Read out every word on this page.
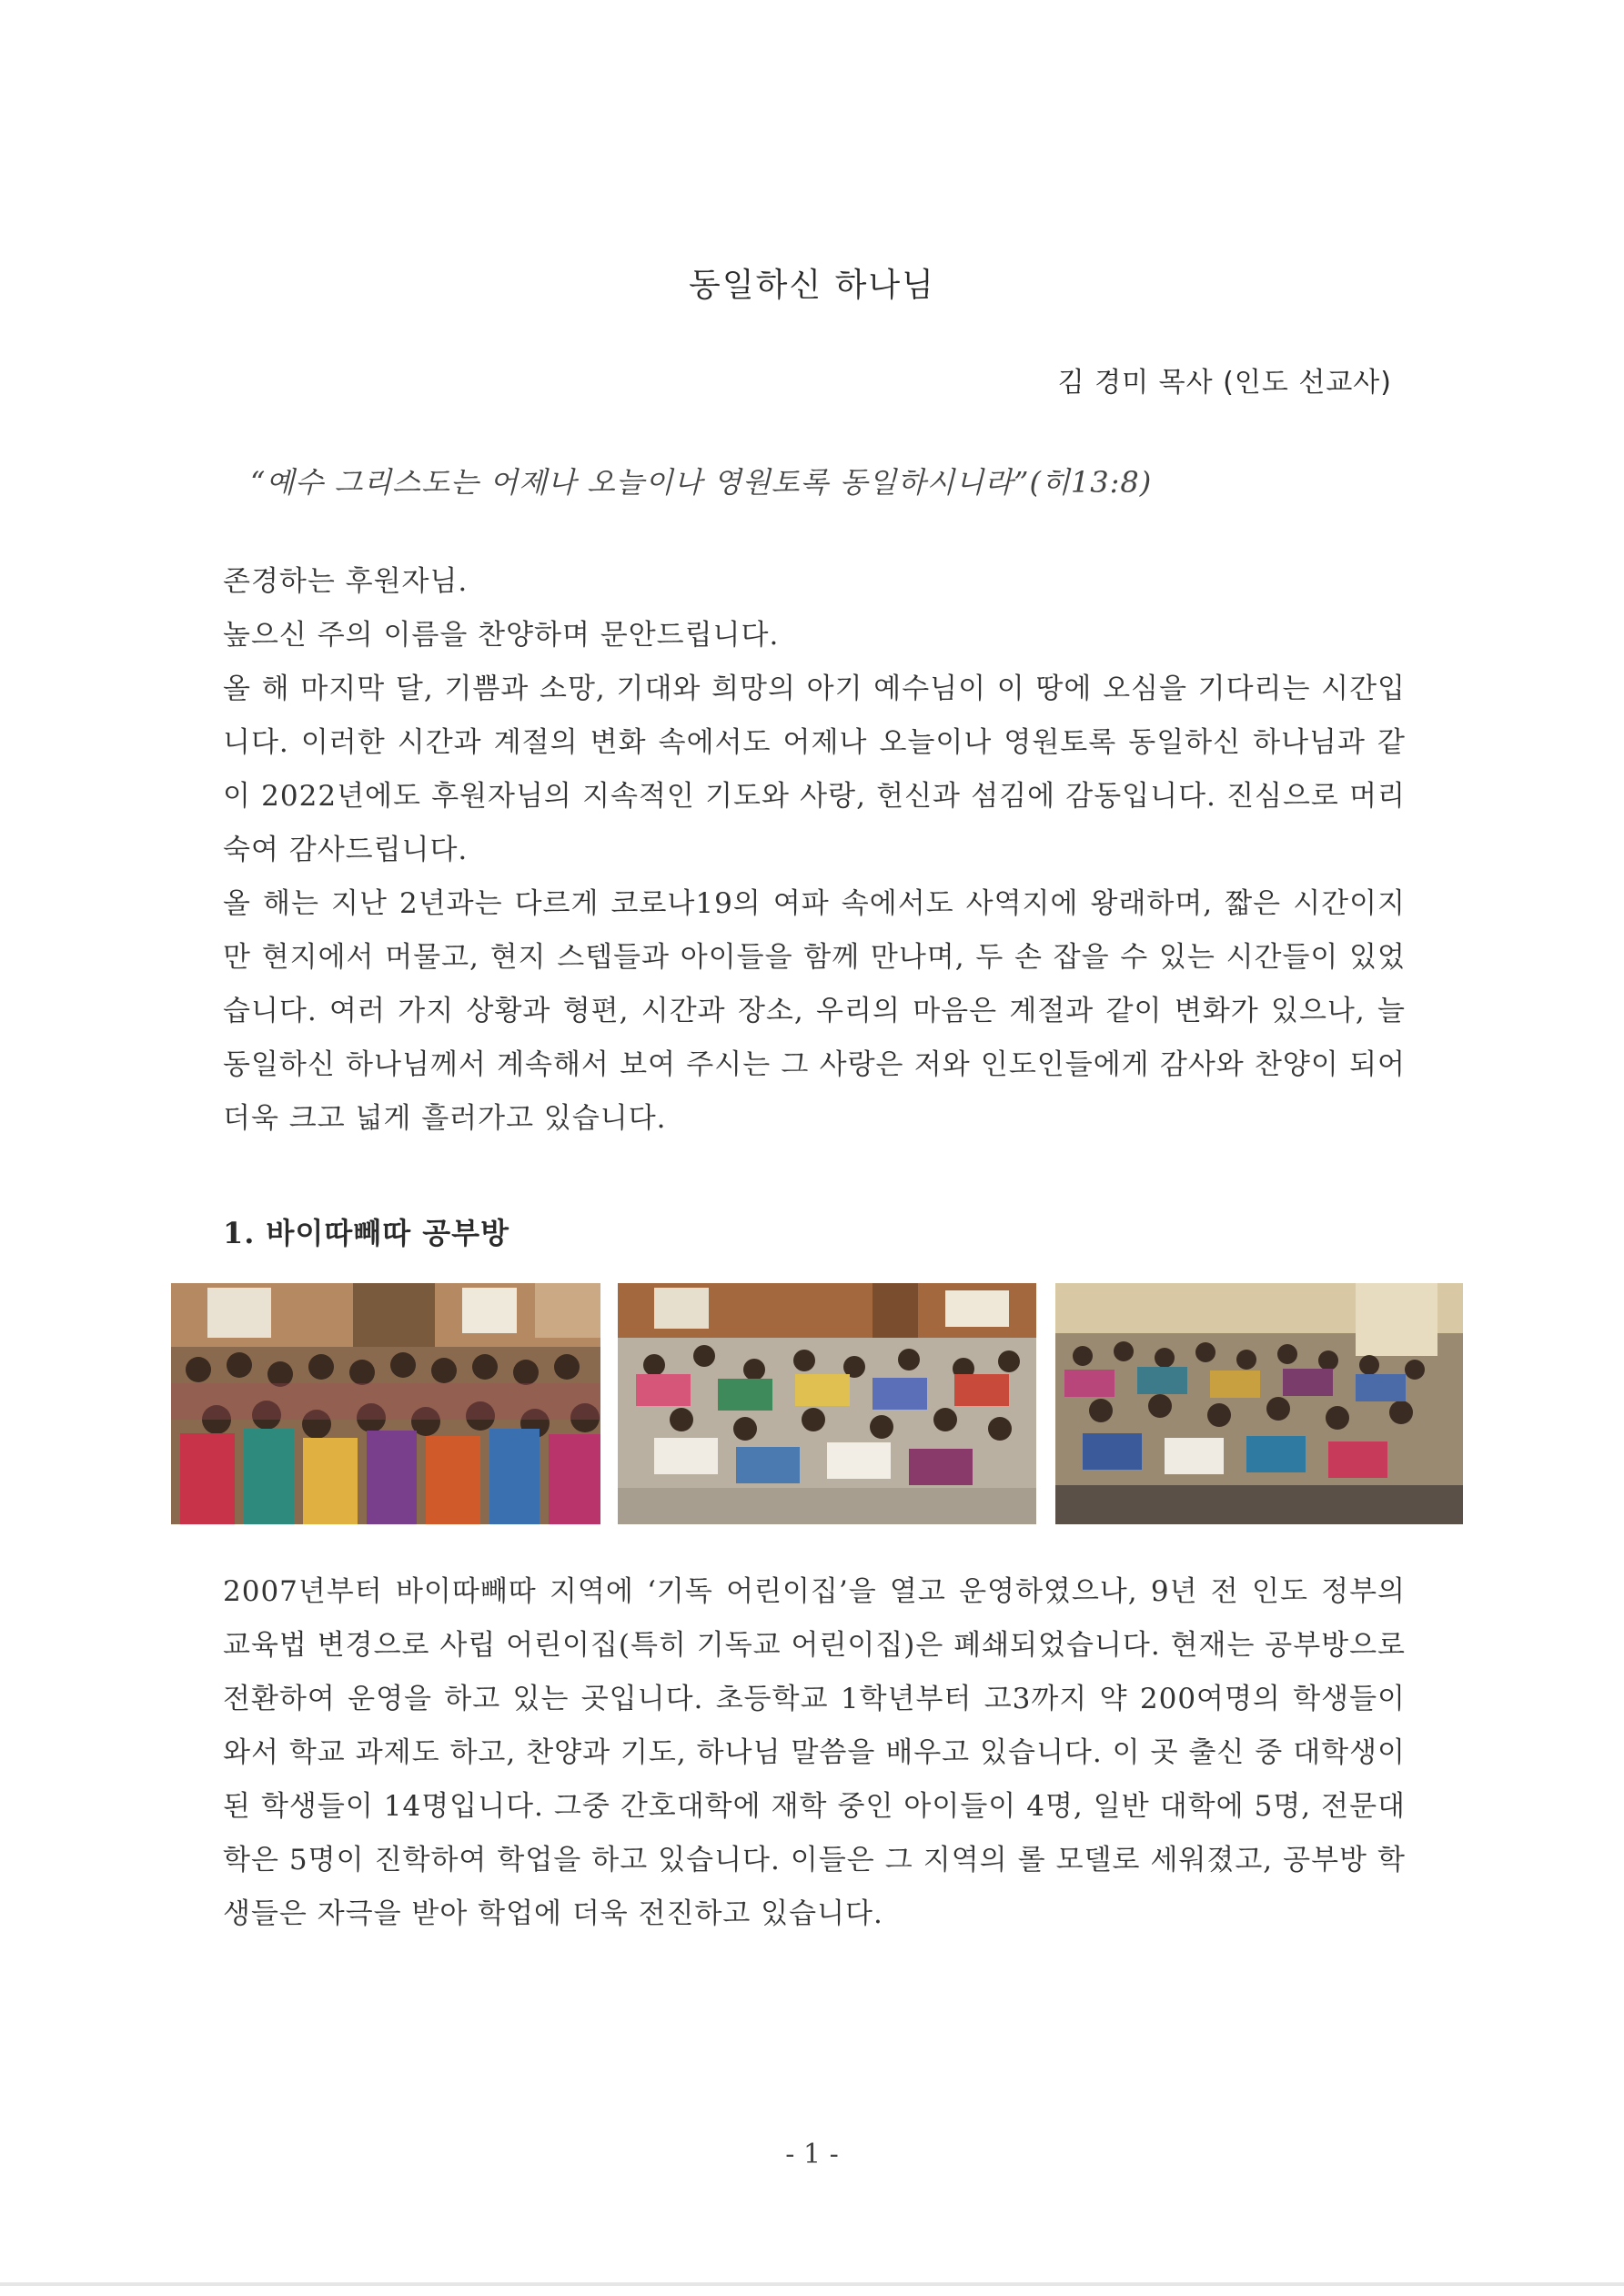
동일하신 하나님
김 경미 목사 (인도 선교사)
“예수 그리스도는 어제나 오늘이나 영원토록 동일하시니라”(히13:8)

존경하는 후원자님.

높으신 주의 이름을 찬양하며 문안드립니다.

올 해 마지막 달, 기쁨과 소망, 기대와 희망의 아기 예수님이 이 땅에 오심을 기다리는 시간입니다. 이러한 시간과 계절의 변화 속에서도 어제나 오늘이나 영원토록 동일하신 하나님과 같이 2022년에도 후원자님의 지속적인 기도와 사랑, 헌신과 섬김에 감동입니다. 진심으로 머리 숙여 감사드립니다.

올 해는 지난 2년과는 다르게 코로나19의 여파 속에서도 사역지에 왕래하며, 짧은 시간이지만 현지에서 머물고, 현지 스텝들과 아이들을 함께 만나며, 두 손 잡을 수 있는 시간들이 있었습니다. 여러 가지 상황과 형편, 시간과 장소, 우리의 마음은 계절과 같이 변화가 있으나, 늘 동일하신 하나님께서 계속해서 보여 주시는 그 사랑은 저와 인도인들에게 감사와 찬양이 되어 더욱 크고 넓게 흘러가고 있습니다.

1. 바이따빼따 공부방

2007년부터 바이따빼따 지역에 ‘기독 어린이집’을 열고 운영하였으나, 9년 전 인도 정부의 교육법 변경으로 사립 어린이집(특히 기독교 어린이집)은 폐쇄되었습니다. 현재는 공부방으로 전환하여 운영을 하고 있는 곳입니다. 초등학교 1학년부터 고3까지 약 200여명의 학생들이 와서 학교 과제도 하고, 찬양과 기도, 하나님 말씀을 배우고 있습니다. 이 곳 출신 중 대학생이 된 학생들이 14명입니다. 그중 간호대학에 재학 중인 아이들이 4명, 일반 대학에 5명, 전문대학은 5명이 진학하여 학업을 하고 있습니다. 이들은 그 지역의 롤 모델로 세워졌고, 공부방 학생들은 자극을 받아 학업에 더욱 전진하고 있습니다.

- 1 -
